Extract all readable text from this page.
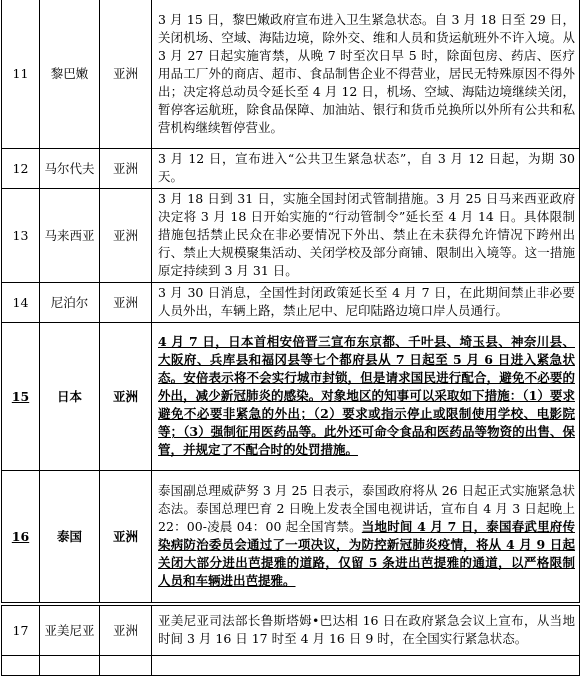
11	黎巴嫩	亚洲	3 月 15 日，黎巴嫩政府宣布进入卫生紧急状态。自 3 月 18 日至 29 日，关闭机场、空域、海陆边境，除外交、维和人员和货运航班外不许入境。从 3 月 27 日起实施宵禁，从晚 7 时至次日早 5 时，除面包房、药店、医疗用品工厂外的商店、超市、食品制售企业不得营业，居民无特殊原因不得外出；决定将总动员令延长至 4 月 12 日，机场、空域、海陆边境继续关闭，暂停客运航班，除食品保障、加油站、银行和货币兑换所以外所有公共和私营机构继续暂停营业。
12	马尔代夫	亚洲	3 月 12 日，宣布进入“公共卫生紧急状态”，自 3 月 12 日起，为期 30 天。
13	马来西亚	亚洲	3 月 18 日到 31 日，实施全国封闭式管制措施。3 月 25 日马来西亚政府决定将 3 月 18 日开始实施的“行动管制令”延长至 4 月 14 日。具体限制措施包括禁止民众在非必要情况下外出、禁止在未获得允许情况下跨州出行、禁止大规模聚集活动、关闭学校及部分商铺、限制出入境等。这一措施原定持续到 3 月 31 日。
14	尼泊尔	亚洲	3 月 30 日消息，全国性封闭政策延长至 4 月 7 日，在此期间禁止非必要人员外出，车辆上路，禁止尼中、尼印陆路边境口岸人员通行。
15	日本	亚洲	4 月 7 日，日本首相安倍晋三宣布东京都、千叶县、埼玉县、神奈川县、大阪府、兵库县和福冈县等七个都府县从 7 日起至 5 月 6 日进入紧急状态。安倍表示将不会实行城市封锁，但是请求国民进行配合，避免不必要的外出，减少新冠肺炎的感染。对象地区的知事可以采取如下措施：（1）要求避免不必要非紧急的外出；（2）要求或指示停止或限制使用学校、电影院等；（3）强制征用医药品等。此外还可命令食品和医药品等物资的出售、保管，并规定了不配合时的处罚措施。
16	泰国	亚洲	泰国副总理威萨努 3 月 25 日表示，泰国政府将从 26 日起正式实施紧急状态法。泰国总理巴育 2 日晚上发表全国电视讲话，宣布自 4 月 3 日起晚上 22：00-凌晨 04：00 起全国宵禁。当地时间 4 月 7 日，泰国春武里府传染病防治委员会通过了一项决议，为防控新冠肺炎疫情，将从 4 月 9 日起关闭大部分进出芭提雅的道路，仅留 5 条进出芭提雅的通道，以严格限制人员和车辆进出芭提雅。
17	亚美尼亚	亚洲	亚美尼亚司法部长鲁斯塔姆•巴达相 16 日在政府紧急会议上宣布，从当地时间 3 月 16 日 17 时至 4 月 16 日 9 时，在全国实行紧急状态。
